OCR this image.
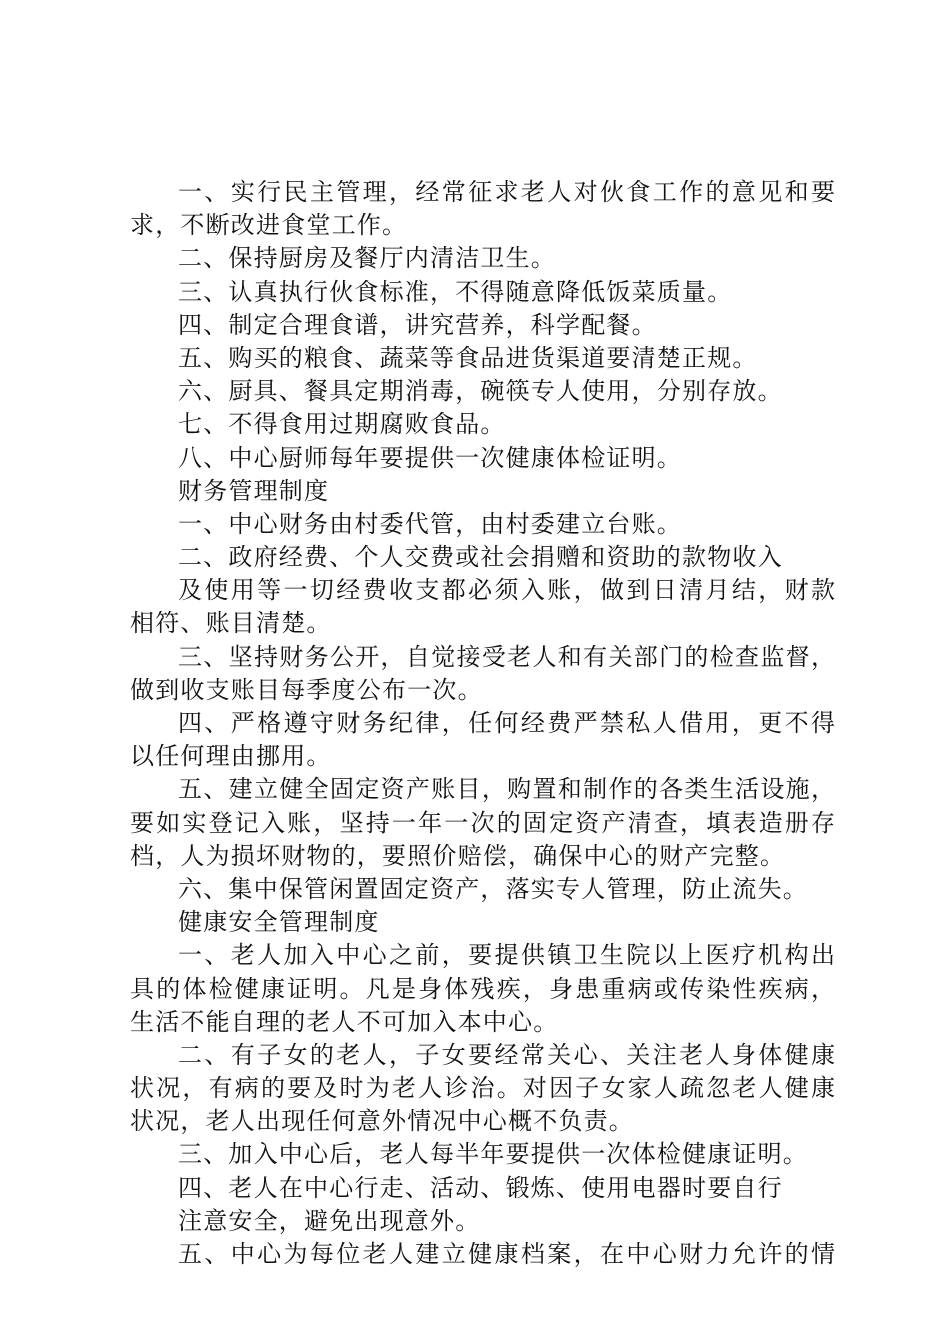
一、实行民主管理，经常征求老人对伙食工作的意见和要
求，不断改进食堂工作。
二、保持厨房及餐厅内清洁卫生。
三、认真执行伙食标准，不得随意降低饭菜质量。
四、制定合理食谱，讲究营养，科学配餐。
五、购买的粮食、蔬菜等食品进货渠道要清楚正规。
六、厨具、餐具定期消毒，碗筷专人使用，分别存放。
七、不得食用过期腐败食品。
八、中心厨师每年要提供一次健康体检证明。
财务管理制度
一、中心财务由村委代管，由村委建立台账。
二、政府经费、个人交费或社会捐赠和资助的款物收入
及使用等一切经费收支都必须入账，做到日清月结，财款
相符、账目清楚。
三、坚持财务公开，自觉接受老人和有关部门的检查监督，
做到收支账目每季度公布一次。
四、严格遵守财务纪律，任何经费严禁私人借用，更不得
以任何理由挪用。
五、建立健全固定资产账目，购置和制作的各类生活设施，
要如实登记入账，坚持一年一次的固定资产清查，填表造册存
档，人为损坏财物的，要照价赔偿，确保中心的财产完整。
六、集中保管闲置固定资产，落实专人管理，防止流失。
健康安全管理制度
一、老人加入中心之前，要提供镇卫生院以上医疗机构出
具的体检健康证明。凡是身体残疾，身患重病或传染性疾病，
生活不能自理的老人不可加入本中心。
二、有子女的老人，子女要经常关心、关注老人身体健康
状况，有病的要及时为老人诊治。对因子女家人疏忽老人健康
状况，老人出现任何意外情况中心概不负责。
三、加入中心后，老人每半年要提供一次体检健康证明。
四、老人在中心行走、活动、锻炼、使用电器时要自行
注意安全，避免出现意外。
五、中心为每位老人建立健康档案，在中心财力允许的情
